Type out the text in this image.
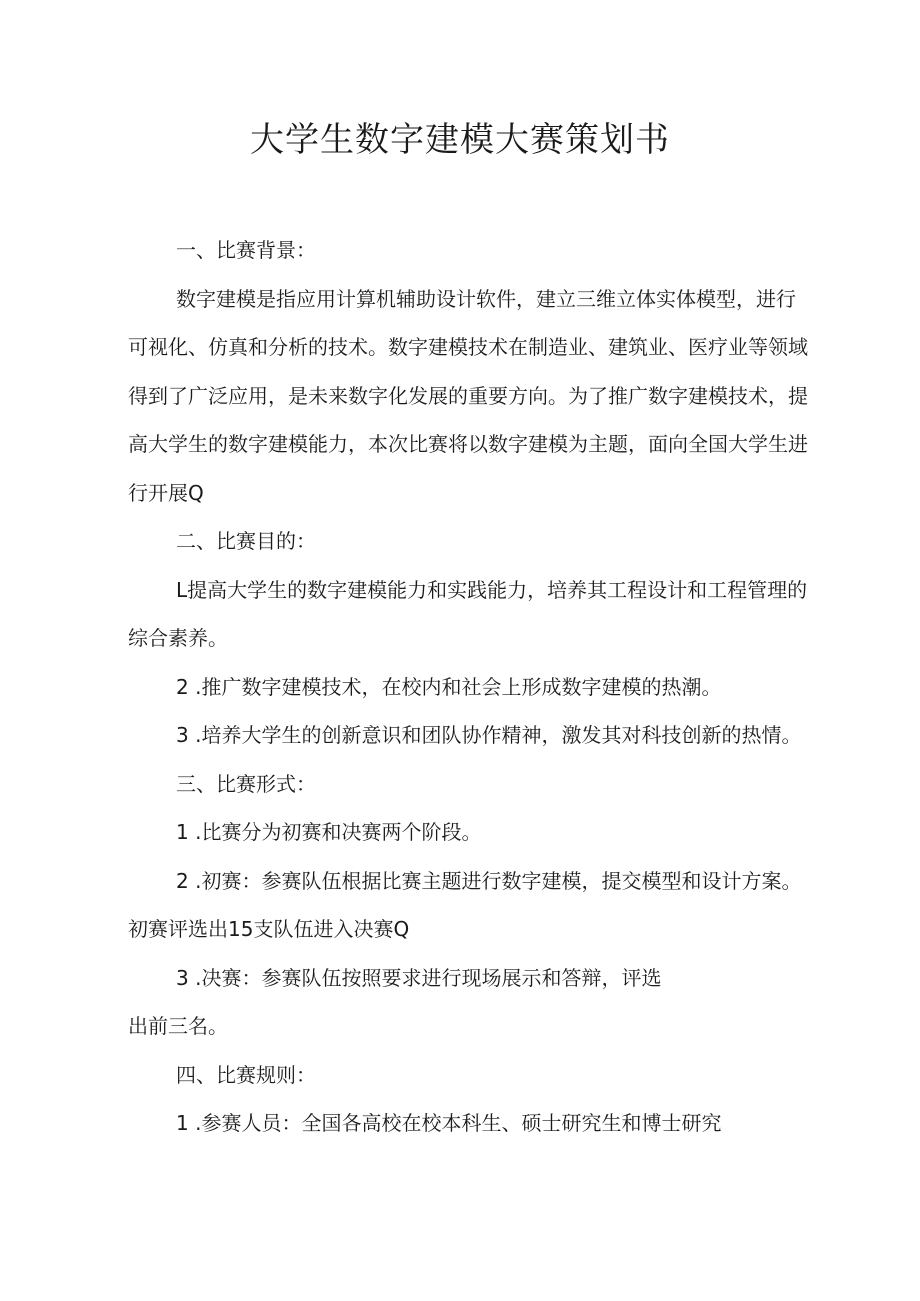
大学生数字建模大赛策划书

一、比赛背景：

数字建模是指应用计算机辅助设计软件，建立三维立体实体模型，进行可视化、仿真和分析的技术。数字建模技术在制造业、建筑业、医疗业等领域得到了广泛应用，是未来数字化发展的重要方向。为了推广数字建模技术，提高大学生的数字建模能力，本次比赛将以数字建模为主题，面向全国大学生进行开展Q

二、比赛目的：

L提高大学生的数字建模能力和实践能力，培养其工程设计和工程管理的综合素养。

2 .推广数字建模技术，在校内和社会上形成数字建模的热潮。

3 .培养大学生的创新意识和团队协作精神，激发其对科技创新的热情。

三、比赛形式：

1 .比赛分为初赛和决赛两个阶段。

2 .初赛：参赛队伍根据比赛主题进行数字建模，提交模型和设计方案。初赛评选出15支队伍进入决赛Q

3 .决赛：参赛队伍按照要求进行现场展示和答辩，评选

出前三名。

四、比赛规则：

1 .参赛人员：全国各高校在校本科生、硕士研究生和博士研究
